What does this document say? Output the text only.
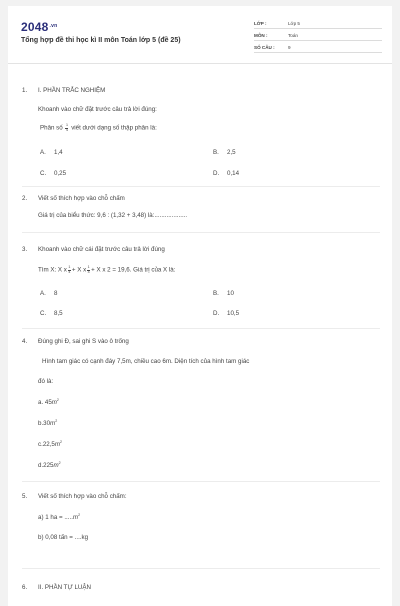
$2048^{.vn}$
Tổng hợp đề thi học kì II môn Toán lớp 5 (đề 25)
LỚP :	Lớp 5
MÔN :	Toán
SỐ CÂU :	9
1. I. PHẦN TRẮC NGHIỆM
Khoanh vào chữ đặt trước câu trả lời đúng:
Phân số $\frac{1}{4}$ viết dưới dạng số thập phân là:
A. 1,4	B. 2,5
C. 0,25	D. 0,14
2. Viết số thích hợp vào chỗ chấm
Giá trị của biểu thức: 9,6 : (1,32 + 3,48) là:...................
3. Khoanh vào chữ cái đặt trước câu trả lời đúng
Tìm X: X x $\frac{1}{4} + X$ x $\frac{1}{4} + X$ x 2 = 19,6. Giá trị của X là:
A. 8	B. 10
C. 8,5	D. 10,5
4. Đúng ghi Đ, sai ghi S vào ô trống
Hình tam giác có cạnh đáy 7,5m, chiều cao 6m. Diện tích của hình tam giác
đó là:
a. $45m^2$
$b.30m^2$
$c.22,5m^2$
$d.225m^2$
5. Viết số thích hợp vào chỗ chấm:
a) 1 ha = $.....m^2$
b) 0,08 tấn = ....kg
6. II. PHẦN TỰ LUẬN
